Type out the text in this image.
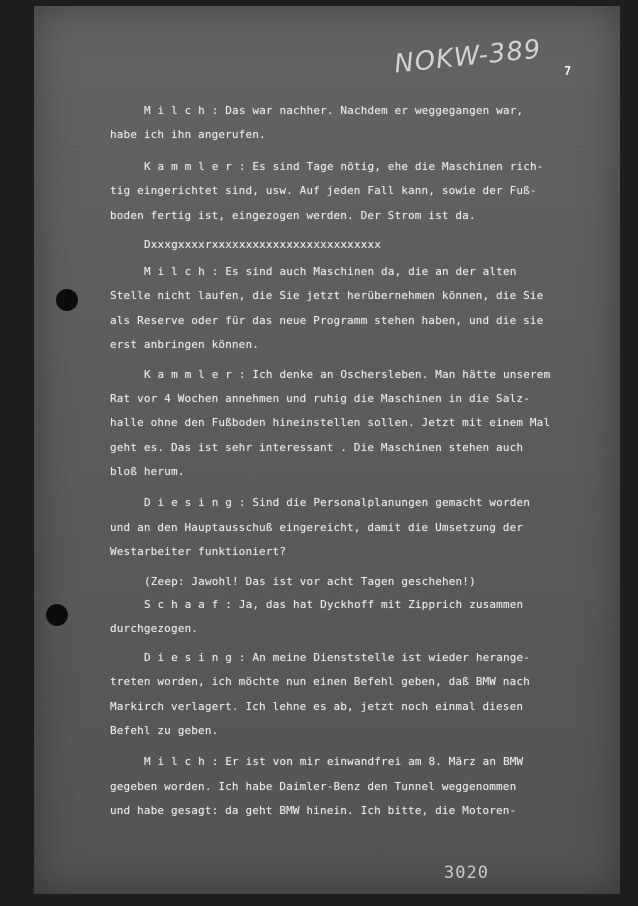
NOKW-389 7
M i l c h : Das war nachher. Nachdem er weggegangen war,
habe ich ihn angerufen.
K a m m l e r : Es sind Tage nötig, ehe die Maschinen rich-
tig eingerichtet sind, usw. Auf jeden Fall kann, sowie der Fuß-
boden fertig ist, eingezogen werden. Der Strom ist da.
Dxxxgxxxxrxxxxxxxxxxxxxxxxxxxxxxxxx
M i l c h : Es sind auch Maschinen da, die an der alten
Stelle nicht laufen, die Sie jetzt herübernehmen können, die Sie
als Reserve oder für das neue Programm stehen haben, und die sie
erst anbringen können.
K a m m l e r : Ich denke an Oschersleben. Man hätte unserem
Rat vor 4 Wochen annehmen und ruhig die Maschinen in die Salz-
halle ohne den Fußboden hineinstellen sollen. Jetzt mit einem Mal
geht es. Das ist sehr interessant . Die Maschinen stehen auch
bloß herum.
D i e s i n g : Sind die Personalplanungen gemacht worden
und an den Hauptausschuß eingereicht, damit die Umsetzung der
Westarbeiter funktioniert?
(Zeep: Jawohl! Das ist vor acht Tagen geschehen!)
S c h a a f : Ja, das hat Dyckhoff mit Zipprich zusammen
durchgezogen.
D i e s i n g : An meine Dienststelle ist wieder herange-
treten worden, ich möchte nun einen Befehl geben, daß BMW nach
Markirch verlagert. Ich lehne es ab, jetzt noch einmal diesen
Befehl zu geben.
M i l c h : Er ist von mir einwandfrei am 8. März an BMW
gegeben worden. Ich habe Daimler-Benz den Tunnel weggenommen
und habe gesagt: da geht BMW hinein. Ich bitte, die Motoren-
3020
